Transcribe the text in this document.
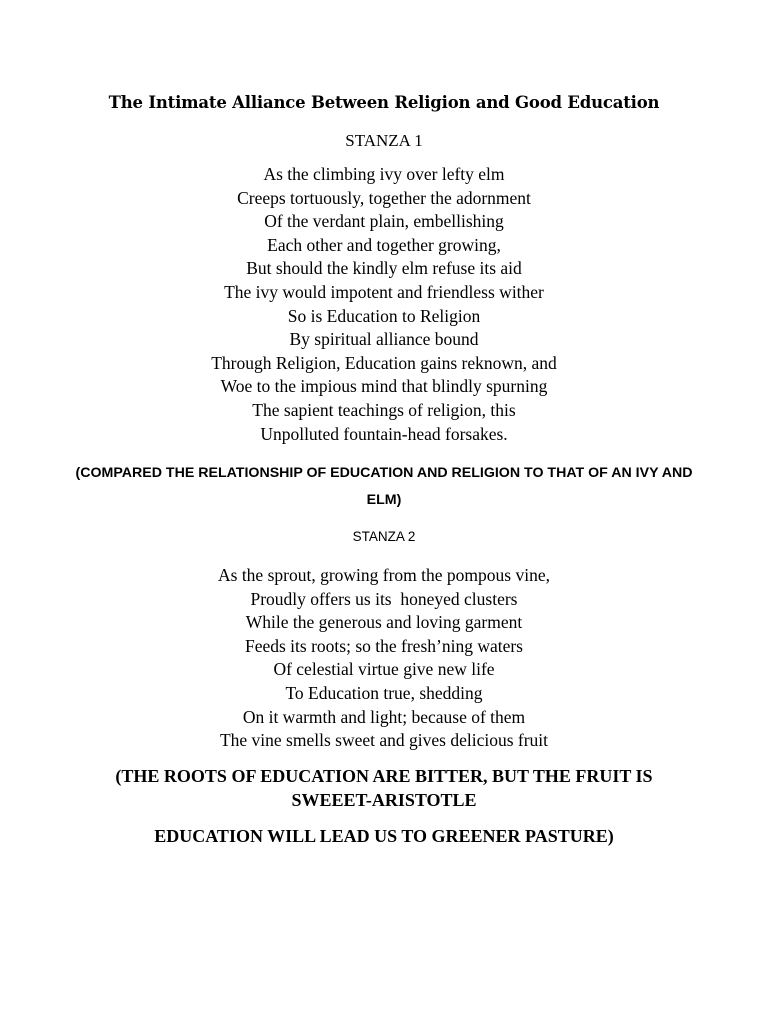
The Intimate Alliance Between Religion and Good Education
STANZA 1
As the climbing ivy over lefty elm
Creeps tortuously, together the adornment
Of the verdant plain, embellishing
Each other and together growing,
But should the kindly elm refuse its aid
The ivy would impotent and friendless wither
So is Education to Religion
By spiritual alliance bound
Through Religion, Education gains reknown, and
Woe to the impious mind that blindly spurning
The sapient teachings of religion, this
Unpolluted fountain-head forsakes.
(COMPARED THE RELATIONSHIP OF EDUCATION AND RELIGION TO THAT OF AN IVY AND ELM)
STANZA 2
As the sprout, growing from the pompous vine,
Proudly offers us its  honeyed clusters
While the generous and loving garment
Feeds its roots; so the fresh’ning waters
Of celestial virtue give new life
To Education true, shedding
On it warmth and light; because of them
The vine smells sweet and gives delicious fruit
(THE ROOTS OF EDUCATION ARE BITTER, BUT THE FRUIT IS SWEEET-ARISTOTLE
EDUCATION WILL LEAD US TO GREENER PASTURE)
